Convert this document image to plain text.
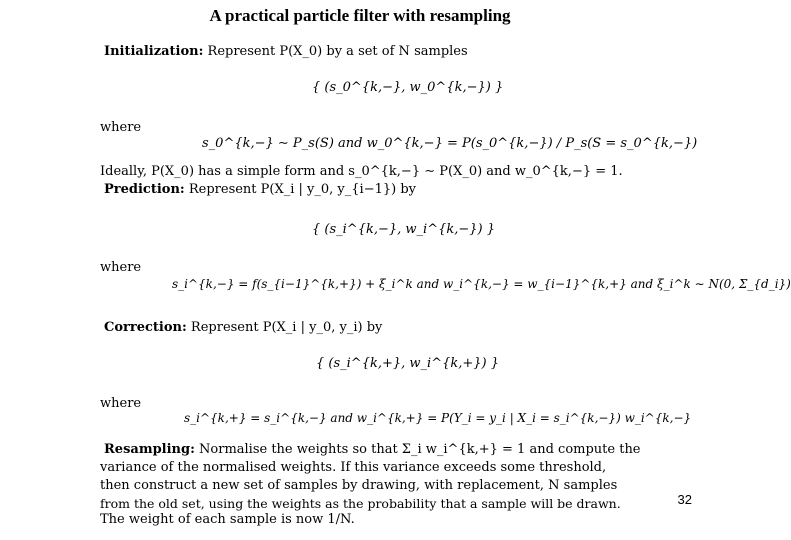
A practical particle filter with resampling
Initialization: Represent P(X_0) by a set of N samples
{ (s_0^{k,−}, w_0^{k,−}) }
where
s_0^{k,−} ∼ P_s(S) and w_0^{k,−} = P(s_0^{k,−}) / P_s(S = s_0^{k,−})
Ideally, P(X_0) has a simple form and s_0^{k,−} ∼ P(X_0) and w_0^{k,−} = 1.
Prediction: Represent P(X_i | y_0, y_{i−1}) by
{ (s_i^{k,−}, w_i^{k,−}) }
where
s_i^{k,−} = f(s_{i−1}^{k,+}) + ξ_i^k and w_i^{k,−} = w_{i−1}^{k,+} and ξ_i^k ∼ N(0, Σ_{d_i})
Correction: Represent P(X_i | y_0, y_i) by
{ (s_i^{k,+}, w_i^{k,+}) }
where
s_i^{k,+} = s_i^{k,−} and w_i^{k,+} = P(Y_i = y_i | X_i = s_i^{k,−}) w_i^{k,−}
Resampling: Normalise the weights so that Σ_i w_i^{k,+} = 1 and compute the
variance of the normalised weights. If this variance exceeds some threshold,
then construct a new set of samples by drawing, with replacement, N samples
from the old set, using the weights as the probability that a sample will be drawn.
The weight of each sample is now 1/N.
32
